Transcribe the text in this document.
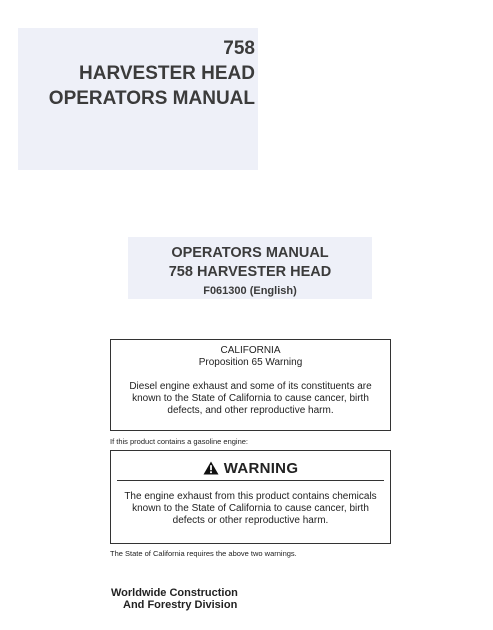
758
HARVESTER HEAD
OPERATORS MANUAL
OPERATORS MANUAL
758 HARVESTER HEAD
F061300 (English)
CALIFORNIA
Proposition 65 Warning
Diesel engine exhaust and some of its constituents are known to the State of California to cause cancer, birth defects, and other reproductive harm.
If this product contains a gasoline engine:
WARNING
The engine exhaust from this product contains chemicals known to the State of California to cause cancer, birth defects or other reproductive harm.
The State of California requires the above two warnings.
Worldwide Construction
And Forestry Division
